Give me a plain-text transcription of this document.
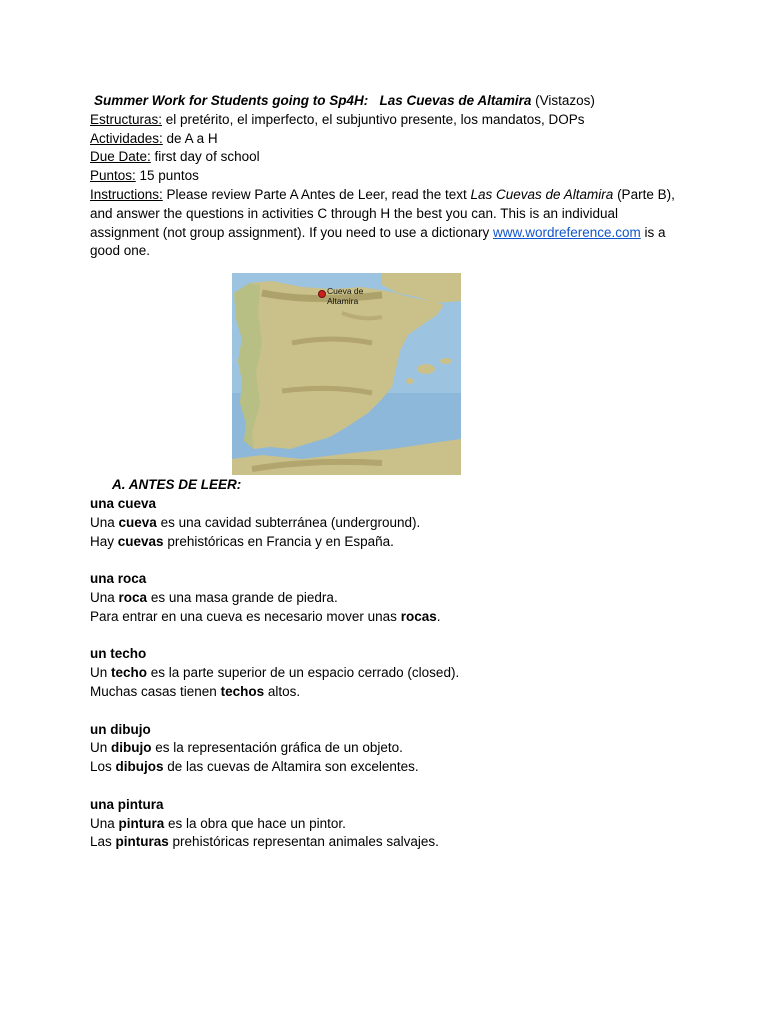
Summer Work for Students going to Sp4H: Las Cuevas de Altamira (Vistazos)

Estructuras: el pretérito, el imperfecto, el subjuntivo presente, los mandatos, DOPs

Actividades: de A a H

Due Date: first day of school

Puntos: 15 puntos

Instructions: Please review Parte A Antes de Leer, read the text Las Cuevas de Altamira (Parte B), and answer the questions in activities C through H the best you can. This is an individual assignment (not group assignment). If you need to use a dictionary www.wordreference.com is a good one.

Cueva de Altamira

A. ANTES DE LEER:

una cueva

Una cueva es una cavidad subterránea (underground).

Hay cuevas prehistóricas en Francia y en España.

una roca

Una roca es una masa grande de piedra.

Para entrar en una cueva es necesario mover unas rocas.

un techo

Un techo es la parte superior de un espacio cerrado (closed).

Muchas casas tienen techos altos.

un dibujo

Un dibujo es la representación gráfica de un objeto.

Los dibujos de las cuevas de Altamira son excelentes.

una pintura

Una pintura es la obra que hace un pintor.

Las pinturas prehistóricas representan animales salvajes.
